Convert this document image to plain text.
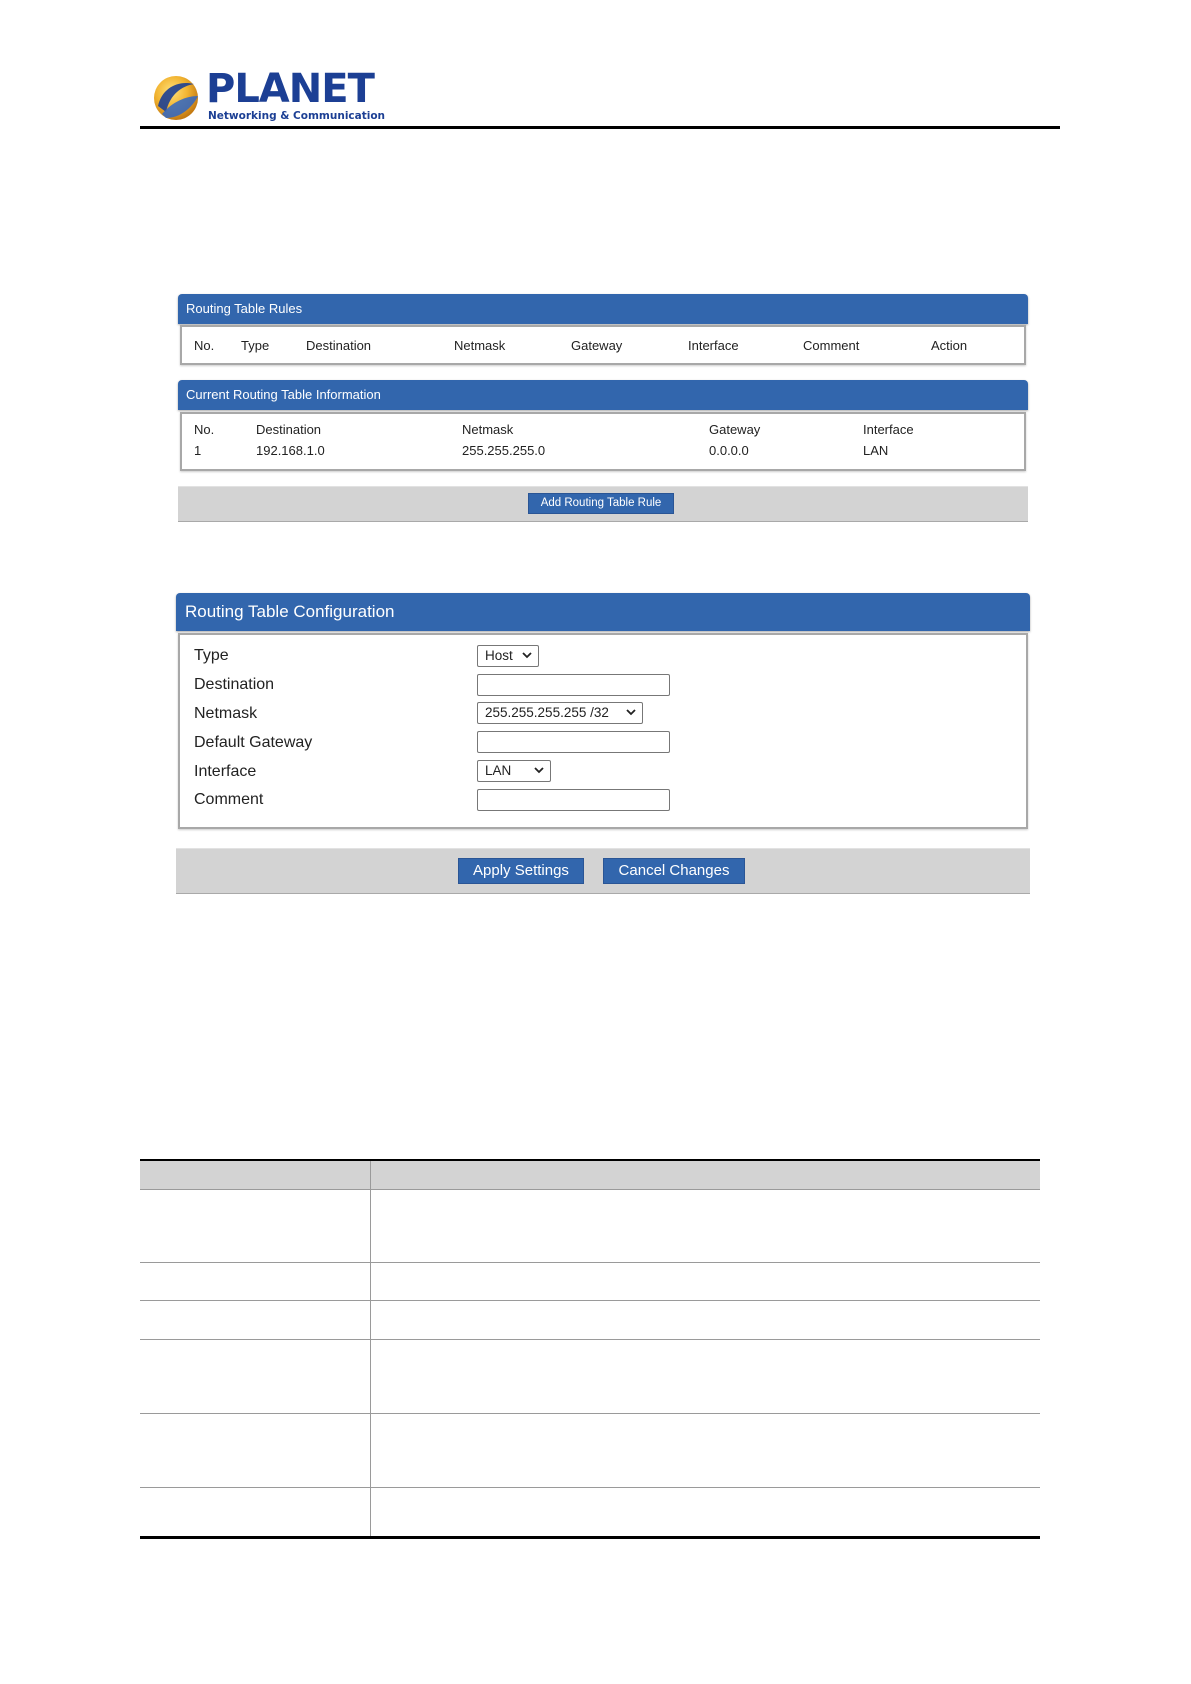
PLANET
Networking & Communication
Routing Table Rules
No. Type	Destination	Netmask	Gateway	Interface	Comment	Action
Current Routing Table Information
No.	Destination	Netmask	Gateway	Interface
1	192.168.1.0	255.255.255.0	0.0.0.0	LAN
Add Routing Table Rule
Routing Table Configuration
Type	Host
Destination
Netmask	255.255.255.255 /32
Default Gateway
Interface	LAN
Comment
Apply Settings	Cancel Changes
